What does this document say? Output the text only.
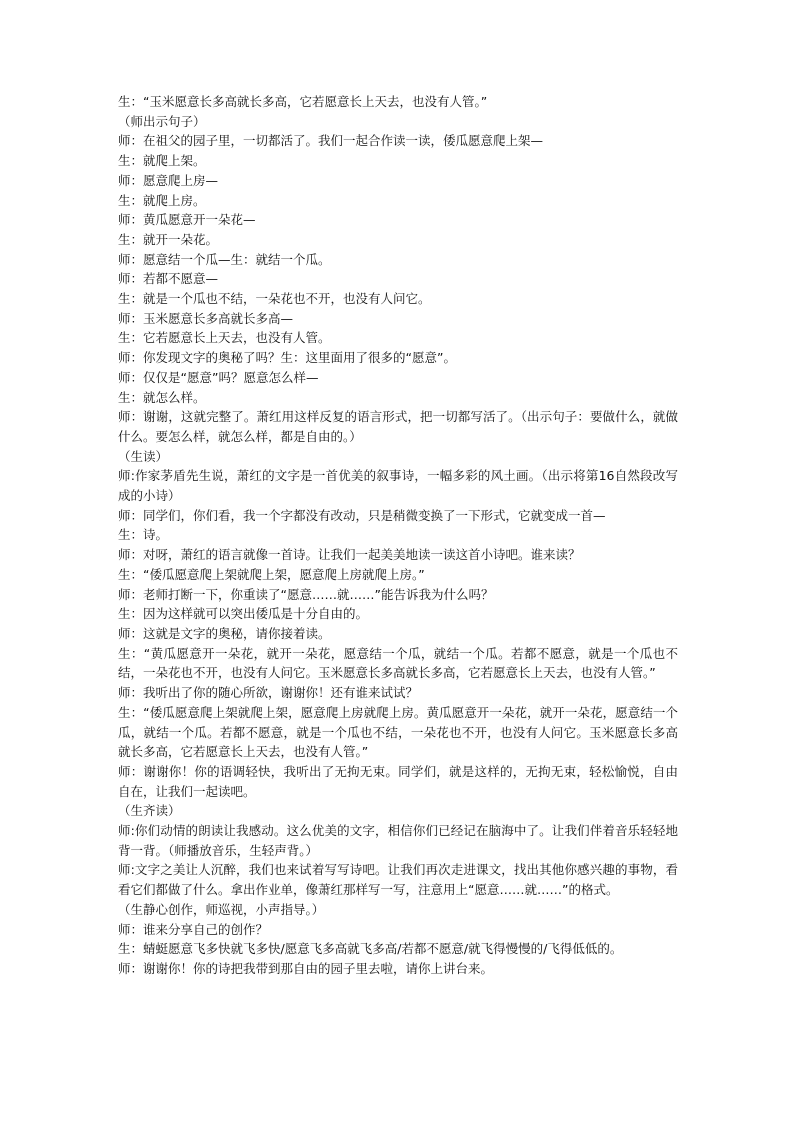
生：“玉米愿意长多高就长多高，它若愿意长上天去，也没有人管。”

（师出示句子）

师：在祖父的园子里，一切都活了。我们一起合作读一读，倭瓜愿意爬上架—

生：就爬上架。

师：愿意爬上房—

生：就爬上房。

师：黄瓜愿意开一朵花—

生：就开一朵花。

师：愿意结一个瓜—生：就结一个瓜。

师：若都不愿意—

生：就是一个瓜也不结，一朵花也不开，也没有人问它。

师：玉米愿意长多高就长多高—

生：它若愿意长上天去，也没有人管。

师：你发现文字的奥秘了吗？生：这里面用了很多的“愿意”。

师：仅仅是“愿意”吗？愿意怎么样—

生：就怎么样。

师：谢谢，这就完整了。萧红用这样反复的语言形式，把一切都写活了。（出示句子：要做什么，就做什么。要怎么样，就怎么样，都是自由的。）

（生读）

师:作家茅盾先生说，萧红的文字是一首优美的叙事诗，一幅多彩的风土画。（出示将第16自然段改写成的小诗）

师：同学们，你们看，我一个字都没有改动，只是稍微变换了一下形式，它就变成一首—

生：诗。

师：对呀，萧红的语言就像一首诗。让我们一起美美地读一读这首小诗吧。谁来读？

生：“倭瓜愿意爬上架就爬上架，愿意爬上房就爬上房。”

师：老师打断一下，你重读了“愿意……就……”能告诉我为什么吗？

生：因为这样就可以突出倭瓜是十分自由的。

师：这就是文字的奥秘，请你接着读。

生：“黄瓜愿意开一朵花，就开一朵花，愿意结一个瓜，就结一个瓜。若都不愿意，就是一个瓜也不结，一朵花也不开，也没有人问它。玉米愿意长多高就长多高，它若愿意长上天去，也没有人管。”

师：我听出了你的随心所欲，谢谢你！还有谁来试试？

生：“倭瓜愿意爬上架就爬上架，愿意爬上房就爬上房。黄瓜愿意开一朵花，就开一朵花，愿意结一个瓜，就结一个瓜。若都不愿意，就是一个瓜也不结，一朵花也不开，也没有人问它。玉米愿意长多高就长多高，它若愿意长上天去，也没有人管。”

师：谢谢你！你的语调轻快，我听出了无拘无束。同学们，就是这样的，无拘无束，轻松愉悦，自由自在，让我们一起读吧。

（生齐读）

师:你们动情的朗读让我感动。这么优美的文字，相信你们已经记在脑海中了。让我们伴着音乐轻轻地背一背。（师播放音乐，生轻声背。）

师:文字之美让人沉醉，我们也来试着写写诗吧。让我们再次走进课文，找出其他你感兴趣的事物，看看它们都做了什么。拿出作业单，像萧红那样写一写，注意用上“愿意……就……”的格式。

（生静心创作，师巡视，小声指导。）

师：谁来分享自己的创作？

生：蜻蜓愿意飞多快就飞多快/愿意飞多高就飞多高/若都不愿意/就飞得慢慢的/飞得低低的。

师：谢谢你！你的诗把我带到那自由的园子里去啦，请你上讲台来。
